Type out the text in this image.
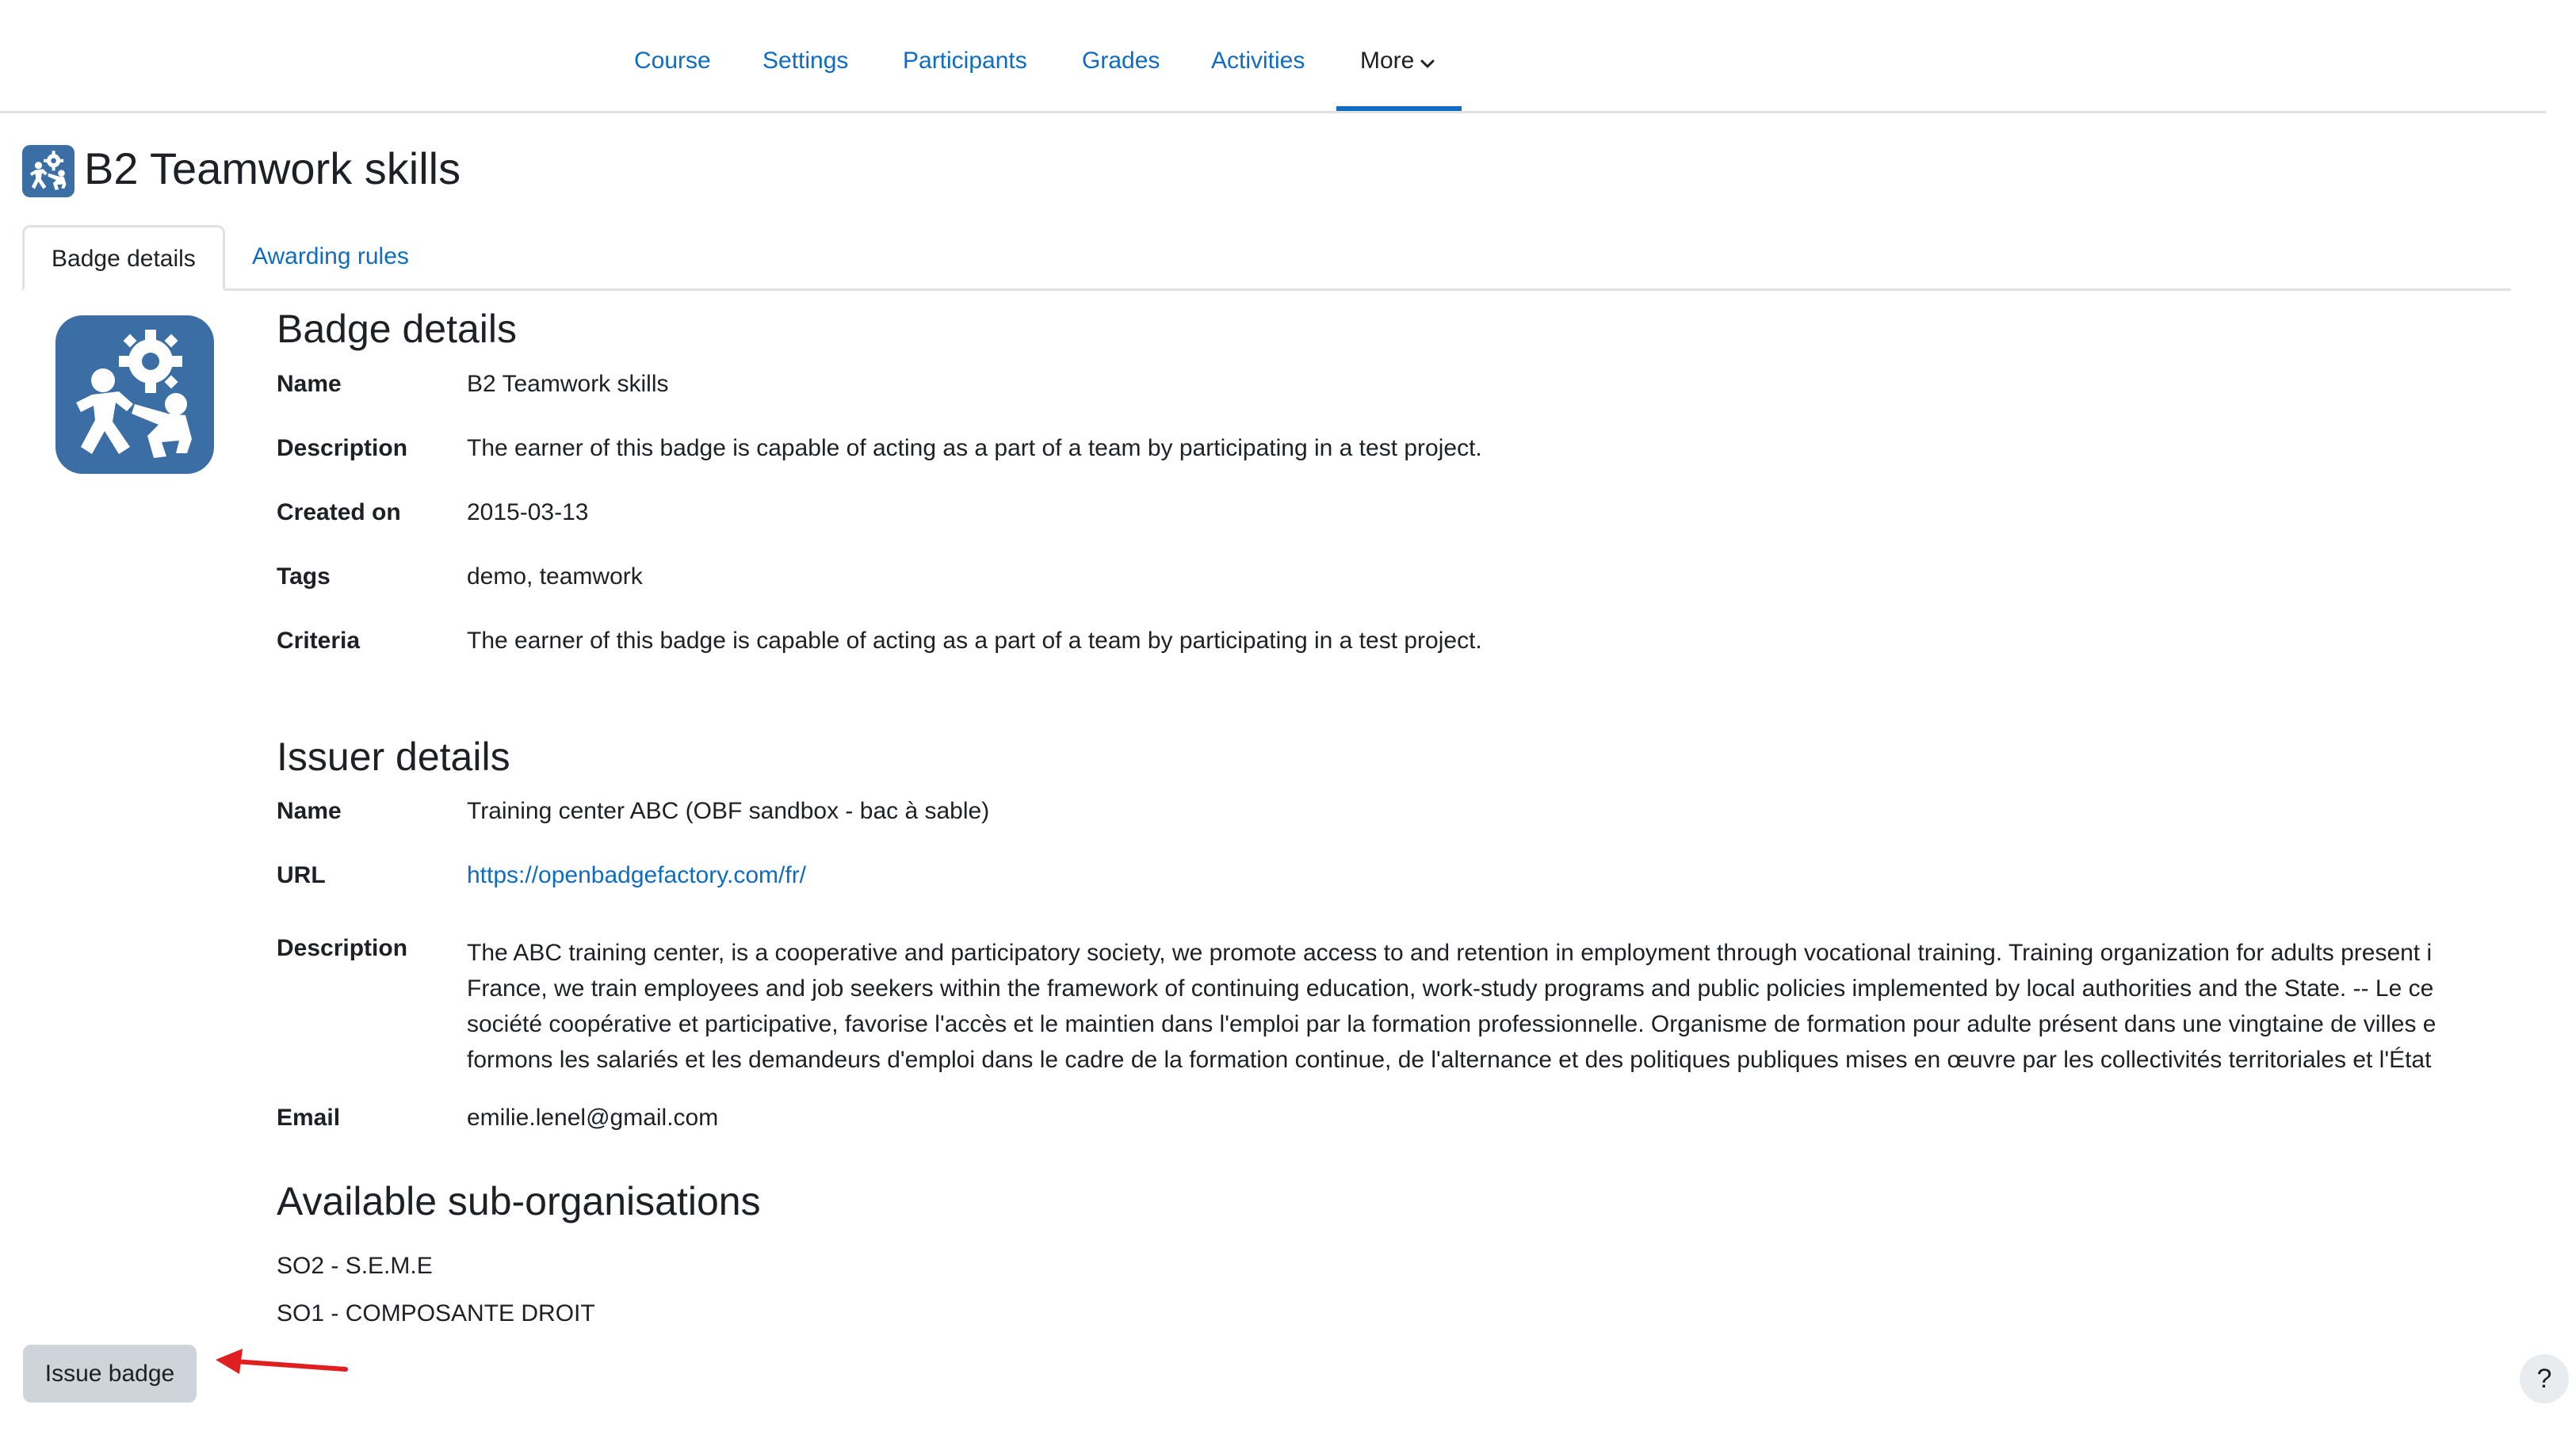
Course Settings Participants Grades Activities More
B2 Teamwork skills
Badge details	Awarding rules
Badge details
Name	B2 Teamwork skills
Description The earner of this badge is capable of acting as a part of a team by participating in a test project.
Created on	2015-03-13
Tags	demo, teamwork
Criteria	The earner of this badge is capable of acting as a part of a team by participating in a test project.
Issuer details
Name	Training center ABC (OBF sandbox - bac à sable)
URL	https://openbadgefactory.com/fr/
Description The ABC training center, is a cooperative and participatory society, we promote access to and retention in employment through vocational training. Training organization for adults present i
France, we train employees and job seekers within the framework of continuing education, work-study programs and public policies implemented by local authorities and the State. -- Le ce
société coopérative et participative, favorise l'accès et le maintien dans l'emploi par la formation professionnelle. Organisme de formation pour adulte présent dans une vingtaine de villes e
formons les salariés et les demandeurs d'emploi dans le cadre de la formation continue, de l'alternance et des politiques publiques mises en œuvre par les collectivités territoriales et l'État
Email	emilie.lenel@gmail.com
Available sub-organisations
SO2 - S.E.M.E
SO1 - COMPOSANTE DROIT
Issue badge	?
